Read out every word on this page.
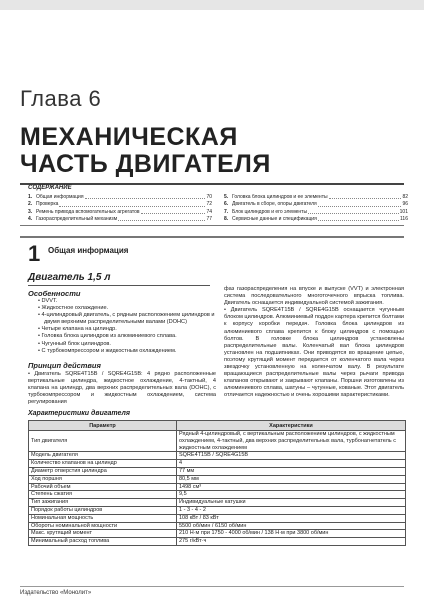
Глава 6
МЕХАНИЧЕСКАЯ
ЧАСТЬ ДВИГАТЕЛЯ
СОДЕРЖАНИЕ
1. Общая информация	70
2. Проверка	72
3. Ремень привода вспомогательных агрегатов	74
4. Газораспределительный механизм	77
5. Головка блока цилиндров и ее элементы	82
6. Двигатель в сборе, опоры двигателя	96
7. Блок цилиндров и его элементы	101
8. Сервисные данные и спецификация	116
1 Общая информация
Двигатель 1,5 л
Особенности
• DVVT.
• Жидкостное охлаждение.
• 4-цилиндровый двигатель, с рядным расположением цилиндров и двумя верхними распределительными валами (DOHC)
• Четыре клапана на цилиндр.
• Головка блока цилиндров из алюминиевого сплава.
• Чугунный блок цилиндров.
• С турбокомпрессором и жидкостным охлаждением.
Принцип действия
• Двигатель SQRE4T15B / SQRE4G15B: 4 рядно расположенные вертикальные цилиндра, жидкостное охлаждение, 4-тактный, 4 клапана на цилиндр, два верхних распределительных вала (DOHC), с турбокомпрессором и жидкостным охлаждением, система регулирования
фаз газораспределения на впуске и выпуске (VVT) и электронная система последовательного многоточечного впрыска топлива. Двигатель оснащается индивидуальной системой зажигания.
• Двигатель SQRE4T15B / SQRE4G15B оснащается чугунным блоком цилиндров. Алюминиевый поддон картера крепится болтами к корпусу коробки передач. Головка блока цилиндров из алюминиевого сплава крепится к блоку цилиндров с помощью болтов. В головке блока цилиндров установлены распределительные валы. Коленчатый вал блока цилиндров установлен на подшипниках. Они приводятся во вращение цепью, поэтому крутящий момент передается от коленчатого вала через звездочку установленную на коленчатом валу. В результате вращающиеся распределительные валы через рычаги привода клапанов открывают и закрывают клапаны. Поршни изготовлены из алюминиевого сплава, шатуны – чугунные, кованые. Этот двигатель отличается надежностью и очень хорошими характеристиками.
Характеристики двигателя
Параметр	Характеристики
Тип двигателя	Рядный 4-цилиндровый, с вертикальным расположением цилиндров, с жидкостным охлаждением, 4-тактный, два верхних распределительных вала, турбонагнетатель с жидкостным охлаждением
Модель двигателя	SQRE4T15B / SQRE4G15B
Количество клапанов на цилиндр	4
Диаметр отверстия цилиндра	77 мм
Ход поршня	80,5 мм
Рабочий объем	1498 см³
Степень сжатия	9,5
Тип зажигания	Индивидуальные катушки
Порядок работы цилиндров	1 - 3 - 4 - 2
Номинальная мощность	108 кВт / 83 кВт
Обороты номинальной мощности	5500 об/мин / 6150 об/мин
Макс. крутящий момент	210 Н·м при 1750 - 4000 об/мин / 138 Н·м при 3800 об/мин
Минимальный расход топлива	275 г/кВт·ч
Издательство «Монолит»
